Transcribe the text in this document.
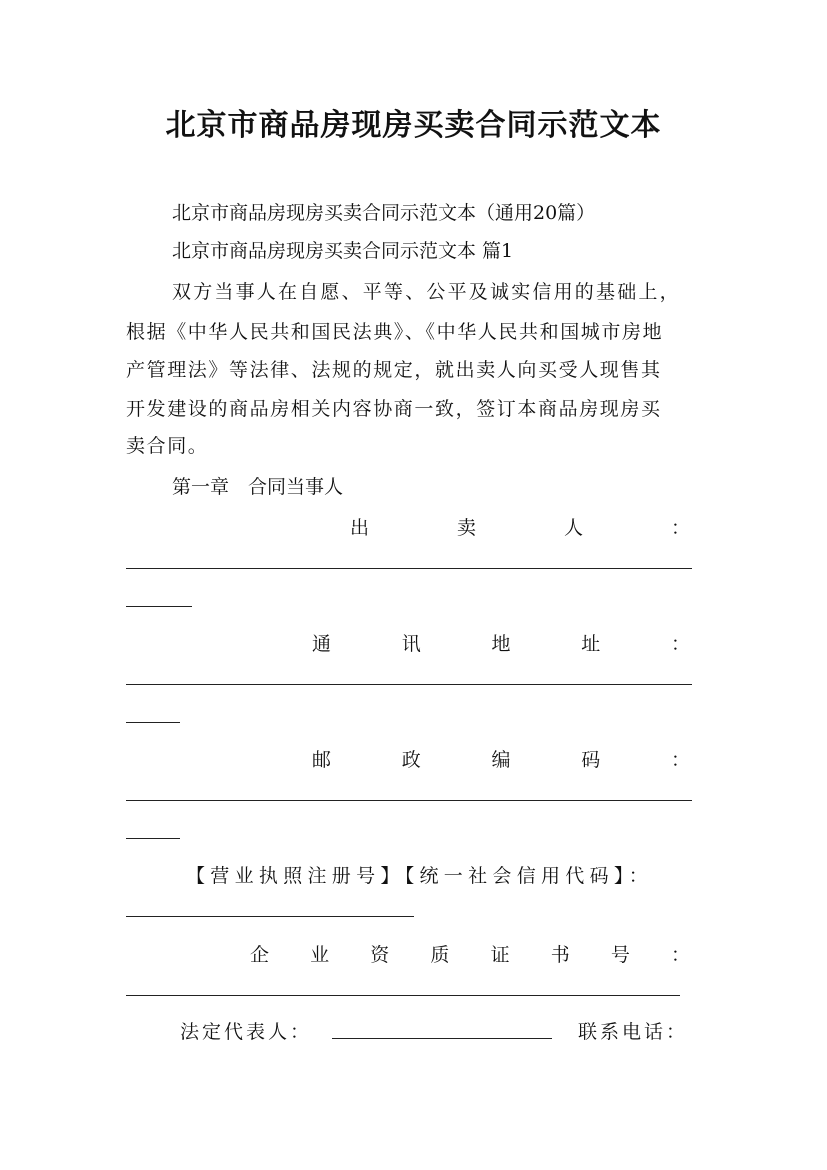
北京市商品房现房买卖合同示范文本
北京市商品房现房买卖合同示范文本（通用20篇）
北京市商品房现房买卖合同示范文本 篇1
双方当事人在自愿、平等、公平及诚实信用的基础上，
根据《中华人民共和国民法典》、《中华人民共和国城市房地
产管理法》等法律、法规的规定，就出卖人向买受人现售其
开发建设的商品房相关内容协商一致，签订本商品房现房买
卖合同。
第一章　合同当事人
出	卖	人	：
通	讯	地	址	：
邮	政	编	码	：
【营业执照注册号】【统一社会信用代码】：
企 业 资 质 证 书 号 ：
法定代表人：	联系电话：
